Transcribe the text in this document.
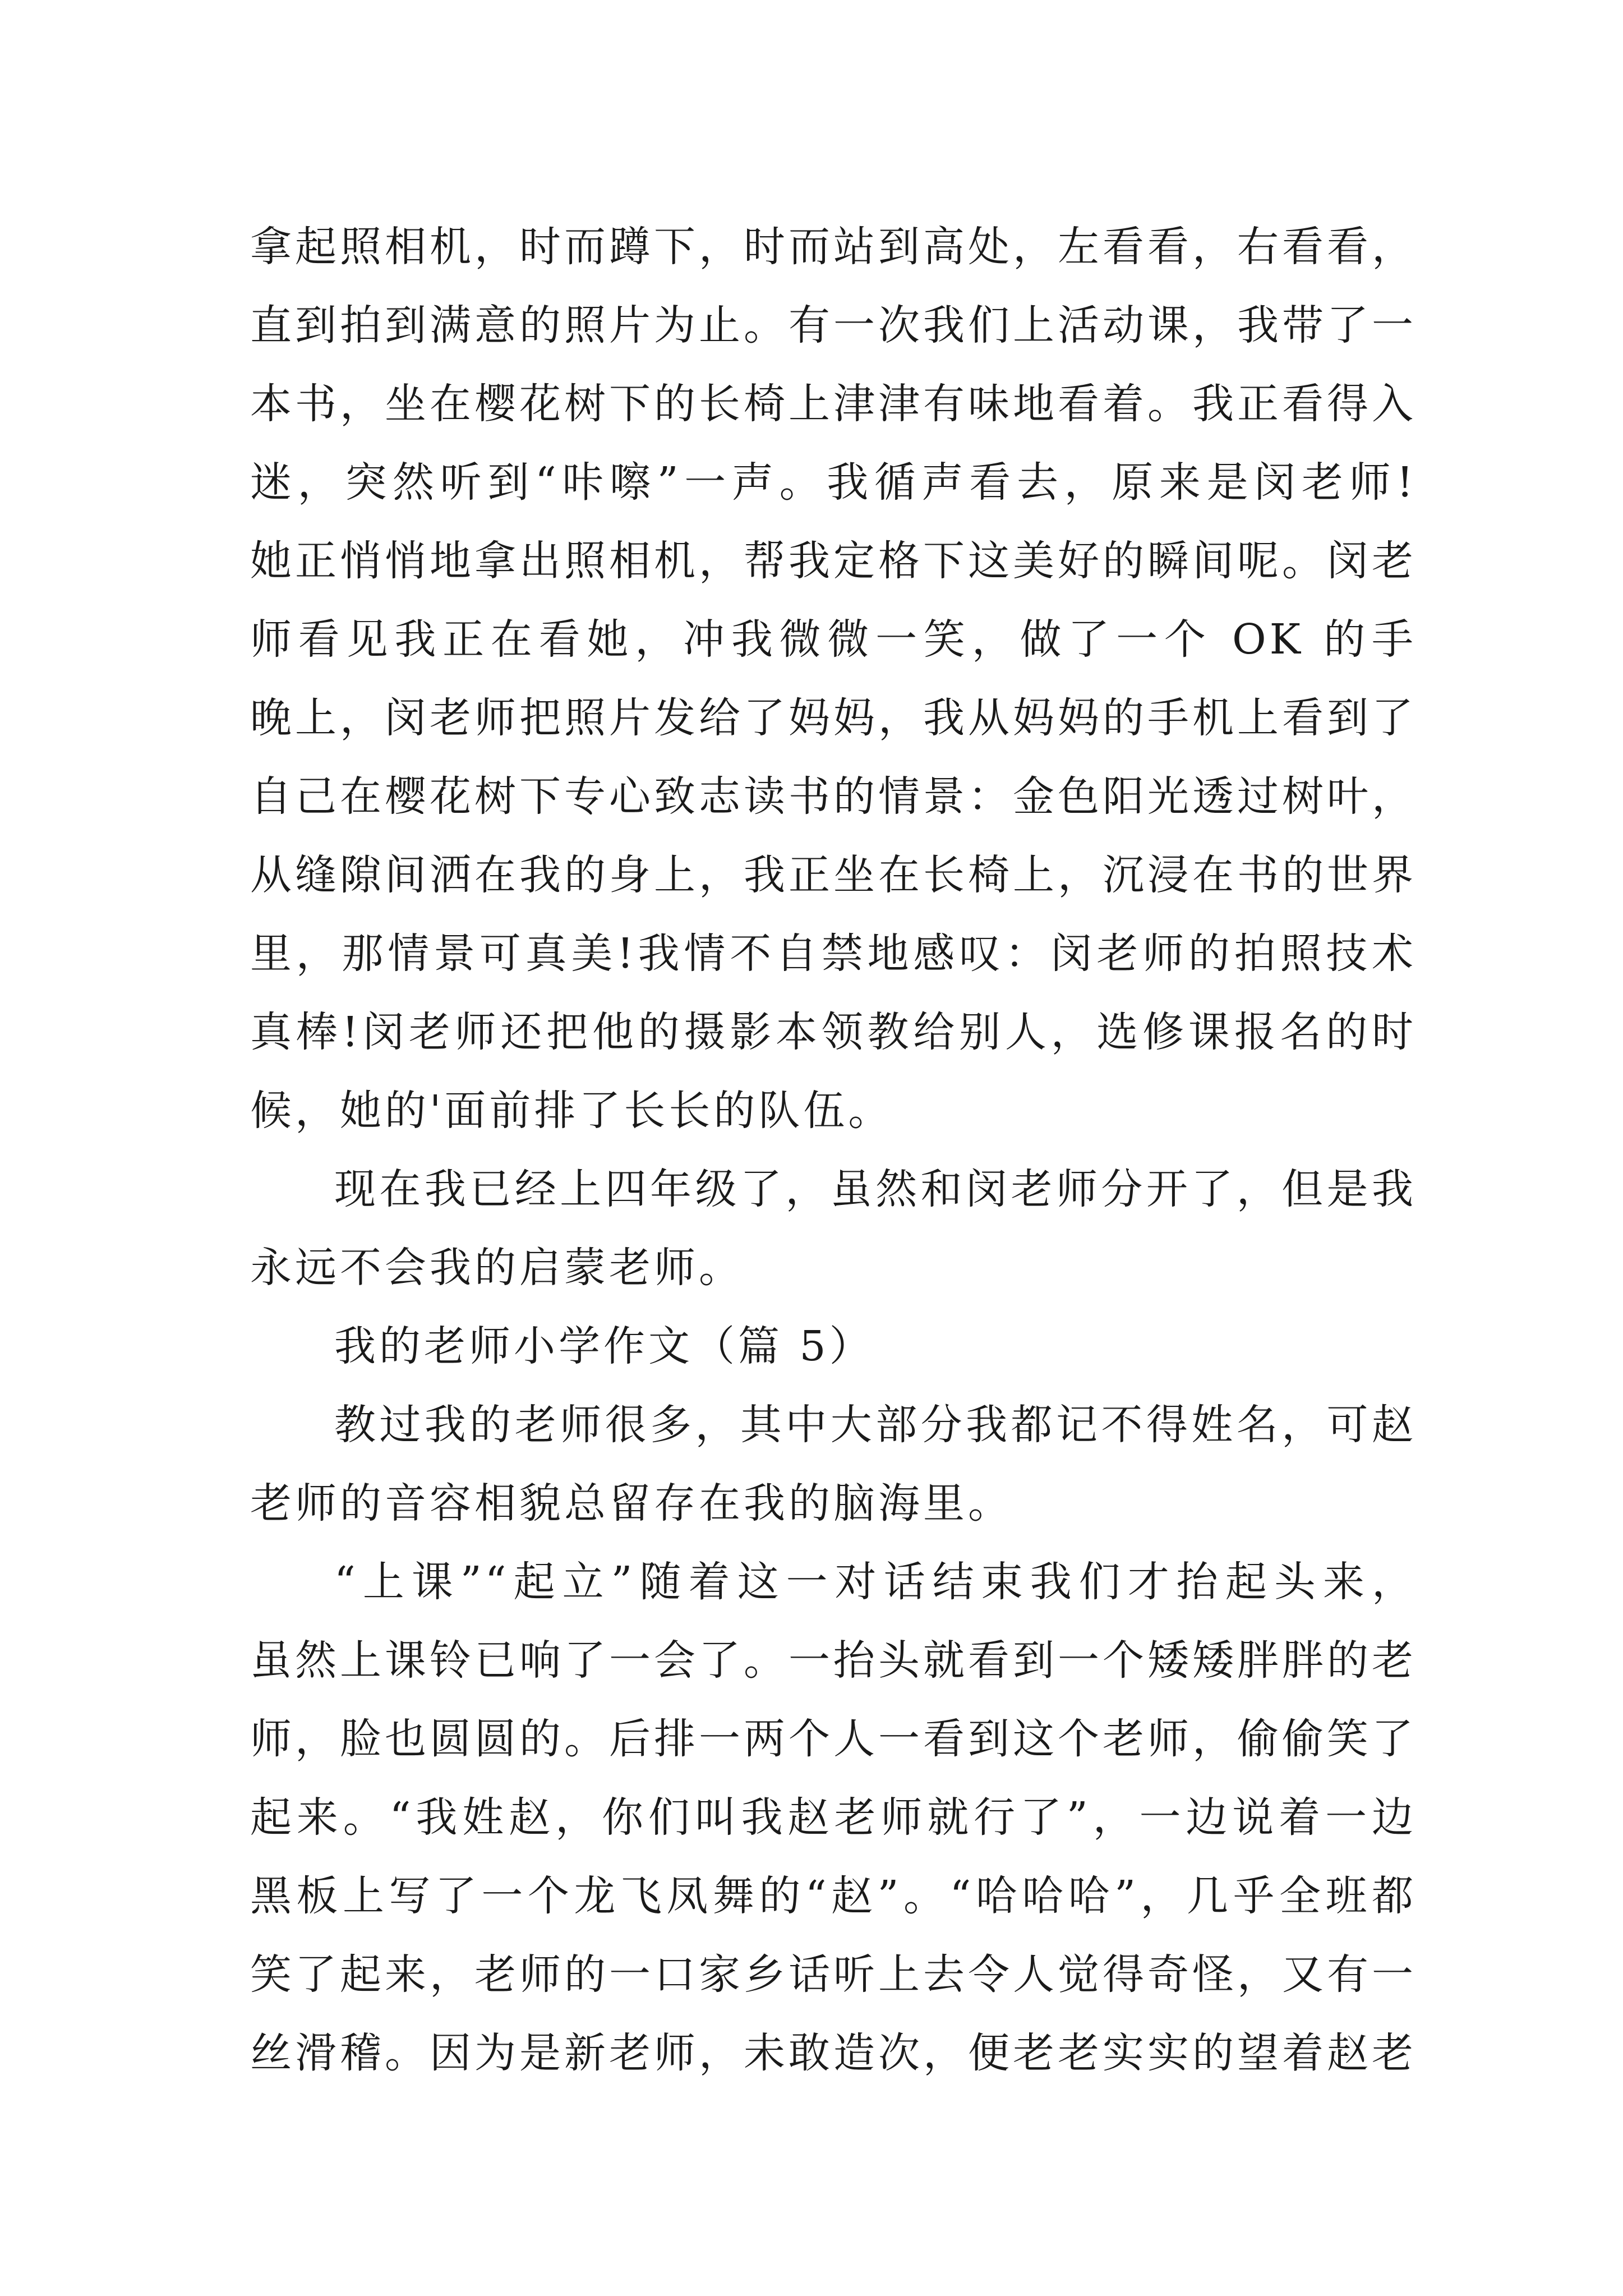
拿起照相机，时而蹲下，时而站到高处，左看看，右看看，
直到拍到满意的照片为止。有一次我们上活动课，我带了一
本书，坐在樱花树下的长椅上津津有味地看着。我正看得入
迷，突然听到“咔嚓”一声。我循声看去，原来是闵老师!
她正悄悄地拿出照相机，帮我定格下这美好的瞬间呢。闵老
师看见我正在看她，冲我微微一笑，做了一个 OK 的手
晚上，闵老师把照片发给了妈妈，我从妈妈的手机上看到了
自己在樱花树下专心致志读书的情景：金色阳光透过树叶，
从缝隙间洒在我的身上，我正坐在长椅上，沉浸在书的世界
里，那情景可真美!我情不自禁地感叹：闵老师的拍照技术
真棒!闵老师还把他的摄影本领教给别人，选修课报名的时
候，她的'面前排了长长的队伍。
现在我已经上四年级了，虽然和闵老师分开了，但是我
永远不会我的启蒙老师。
我的老师小学作文（篇 5）
教过我的老师很多，其中大部分我都记不得姓名，可赵
老师的音容相貌总留存在我的脑海里。
“上课”“起立”随着这一对话结束我们才抬起头来，
虽然上课铃已响了一会了。一抬头就看到一个矮矮胖胖的老
师，脸也圆圆的。后排一两个人一看到这个老师，偷偷笑了
起来。“我姓赵，你们叫我赵老师就行了”，一边说着一边
黑板上写了一个龙飞凤舞的“赵”。“哈哈哈”，几乎全班都
笑了起来，老师的一口家乡话听上去令人觉得奇怪，又有一
丝滑稽。因为是新老师，未敢造次，便老老实实的望着赵老
